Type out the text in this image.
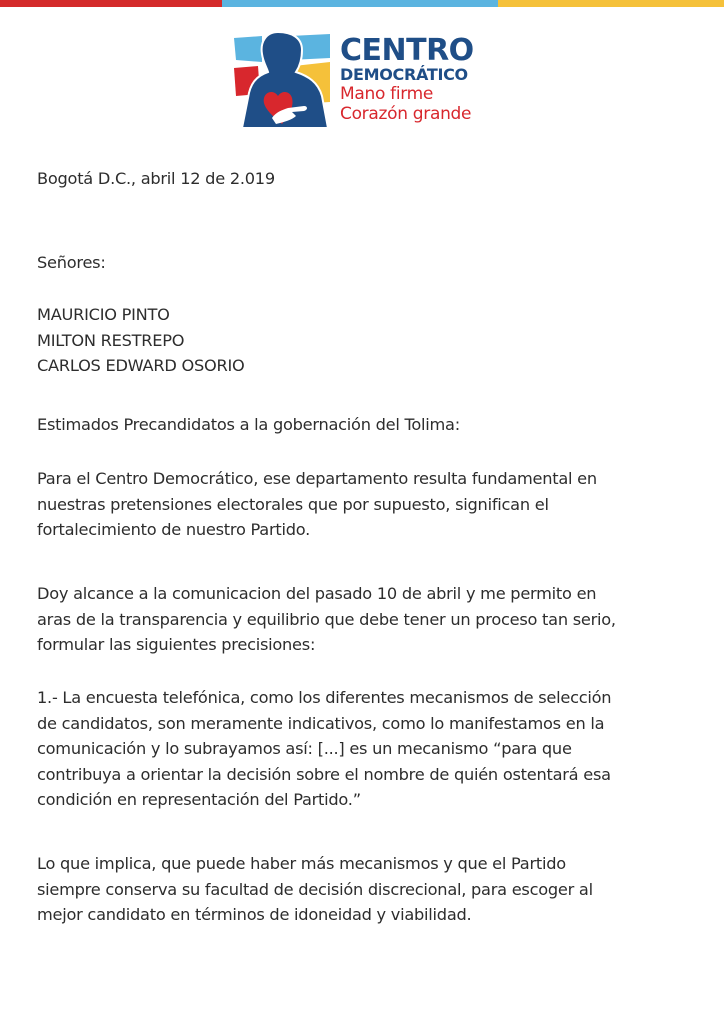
CENTRO
DEMOCRÁTICO
Mano firme
Corazón grande

Bogotá D.C., abril 12 de 2.019

Señores:

MAURICIO PINTO
MILTON RESTREPO
CARLOS EDWARD OSORIO

Estimados Precandidatos a la gobernación del Tolima:

Para el Centro Democrático, ese departamento resulta fundamental en
nuestras pretensiones electorales que por supuesto, significan el
fortalecimiento de nuestro Partido.
Doy alcance a la comunicacion del pasado 10 de abril y me permito en
aras de la transparencia y equilibrio que debe tener un proceso tan serio,
formular las siguientes precisiones:
1.- La encuesta telefónica, como los diferentes mecanismos de selección
de candidatos, son meramente indicativos, como lo manifestamos en la
comunicación y lo subrayamos así: [...] es un mecanismo “para que
contribuya a orientar la decisión sobre el nombre de quién ostentará esa
condición en representación del Partido.”
Lo que implica, que puede haber más mecanismos y que el Partido
siempre conserva su facultad de decisión discrecional, para escoger al
mejor candidato en términos de idoneidad y viabilidad.
